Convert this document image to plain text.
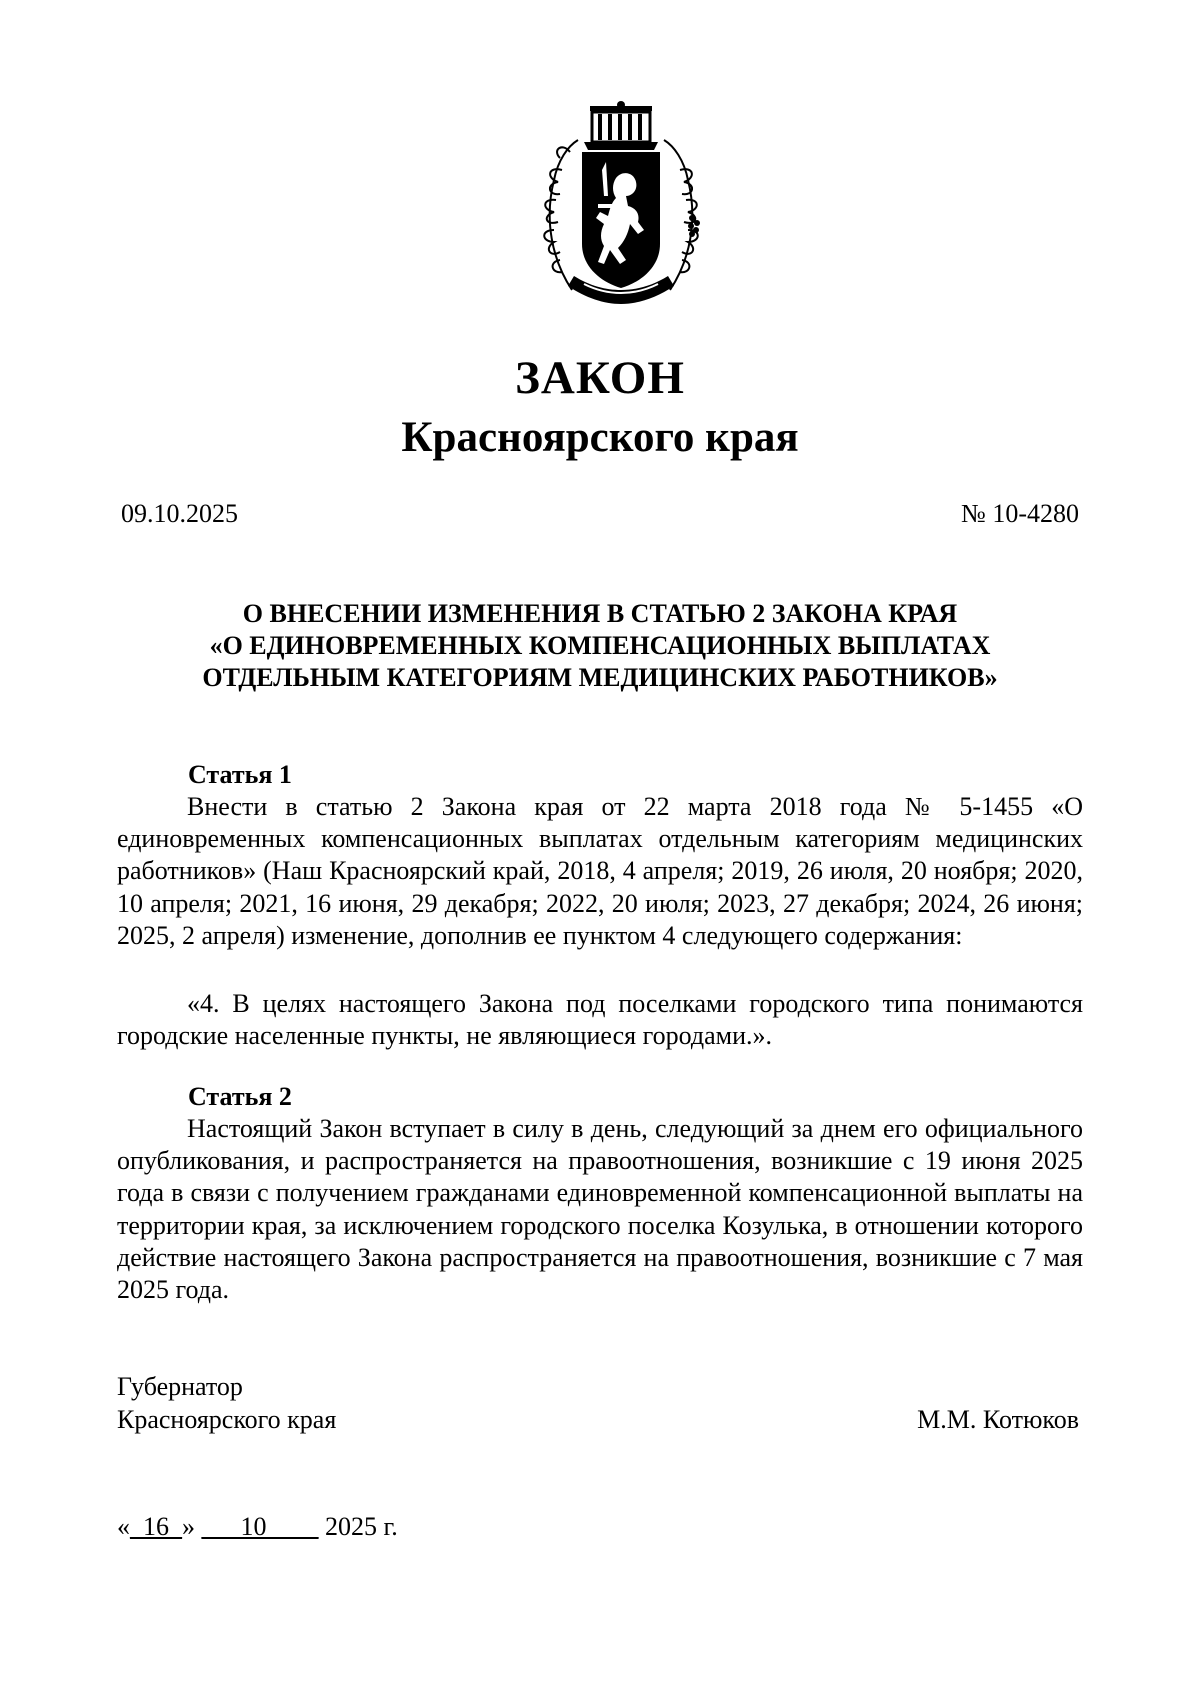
ЗАКОН
Красноярского края
09.10.2025	№ 10-4280
О ВНЕСЕНИИ ИЗМЕНЕНИЯ В СТАТЬЮ 2 ЗАКОНА КРАЯ
«О ЕДИНОВРЕМЕННЫХ КОМПЕНСАЦИОННЫХ ВЫПЛАТАХ
ОТДЕЛЬНЫМ КАТЕГОРИЯМ МЕДИЦИНСКИХ РАБОТНИКОВ»
Статья 1

Внести в статью 2 Закона края от 22 марта 2018 года № 5-1455 «О единовременных компенсационных выплатах отдельным категориям медицинских работников» (Наш Красноярский край, 2018, 4 апреля; 2019, 26 июля, 20 ноября; 2020, 10 апреля; 2021, 16 июня, 29 декабря; 2022, 20 июля; 2023, 27 декабря; 2024, 26 июня; 2025, 2 апреля) изменение, дополнив ее пунктом 4 следующего содержания:

«4. В целях настоящего Закона под поселками городского типа понимаются городские населенные пункты, не являющиеся городами.».

Статья 2

Настоящий Закон вступает в силу в день, следующий за днем его официального опубликования, и распространяется на правоотношения, возникшие с 19 июня 2025 года в связи с получением гражданами единовременной компенсационной выплаты на территории края, за исключением городского поселка Козулька, в отношении которого действие настоящего Закона распространяется на правоотношения, возникшие с 7 мая 2025 года.

Губернатор
Красноярского края	М.М. Котюков
«_16_» ___10____ 2025 г.
